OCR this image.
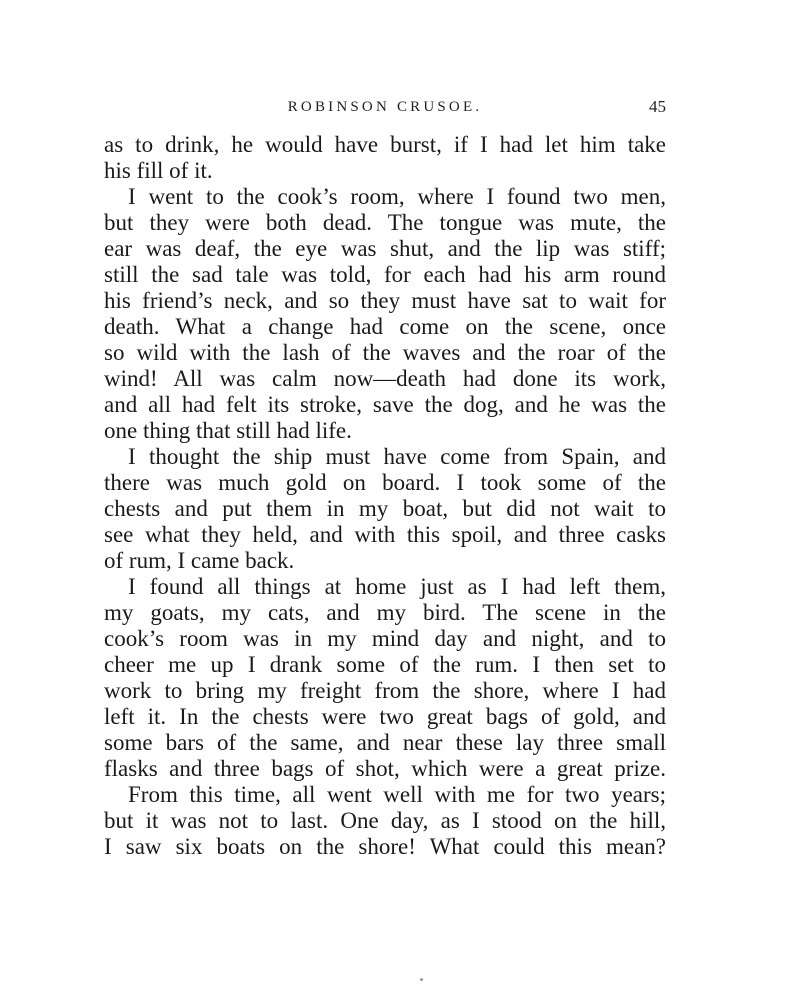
ROBINSON CRUSOE.	45

as to drink, he would have burst, if I had let him take
his fill of it.

I went to the cook’s room, where I found two men,
but they were both dead. The tongue was mute, the
ear was deaf, the eye was shut, and the lip was stiff;
still the sad tale was told, for each had his arm round
his friend’s neck, and so they must have sat to wait for
death. What a change had come on the scene, once
so wild with the lash of the waves and the roar of the
wind! All was calm now—death had done its work,
and all had felt its stroke, save the dog, and he was the
one thing that still had life.

I thought the ship must have come from Spain, and
there was much gold on board. I took some of the
chests and put them in my boat, but did not wait to
see what they held, and with this spoil, and three casks
of rum, I came back.

I found all things at home just as I had left them,
my goats, my cats, and my bird. The scene in the
cook’s room was in my mind day and night, and to
cheer me up I drank some of the rum. I then set to
work to bring my freight from the shore, where I had
left it. In the chests were two great bags of gold, and
some bars of the same, and near these lay three small
flasks and three bags of shot, which were a great prize.

From this time, all went well with me for two years;
but it was not to last. One day, as I stood on the hill,
I saw six boats on the shore! What could this mean?
